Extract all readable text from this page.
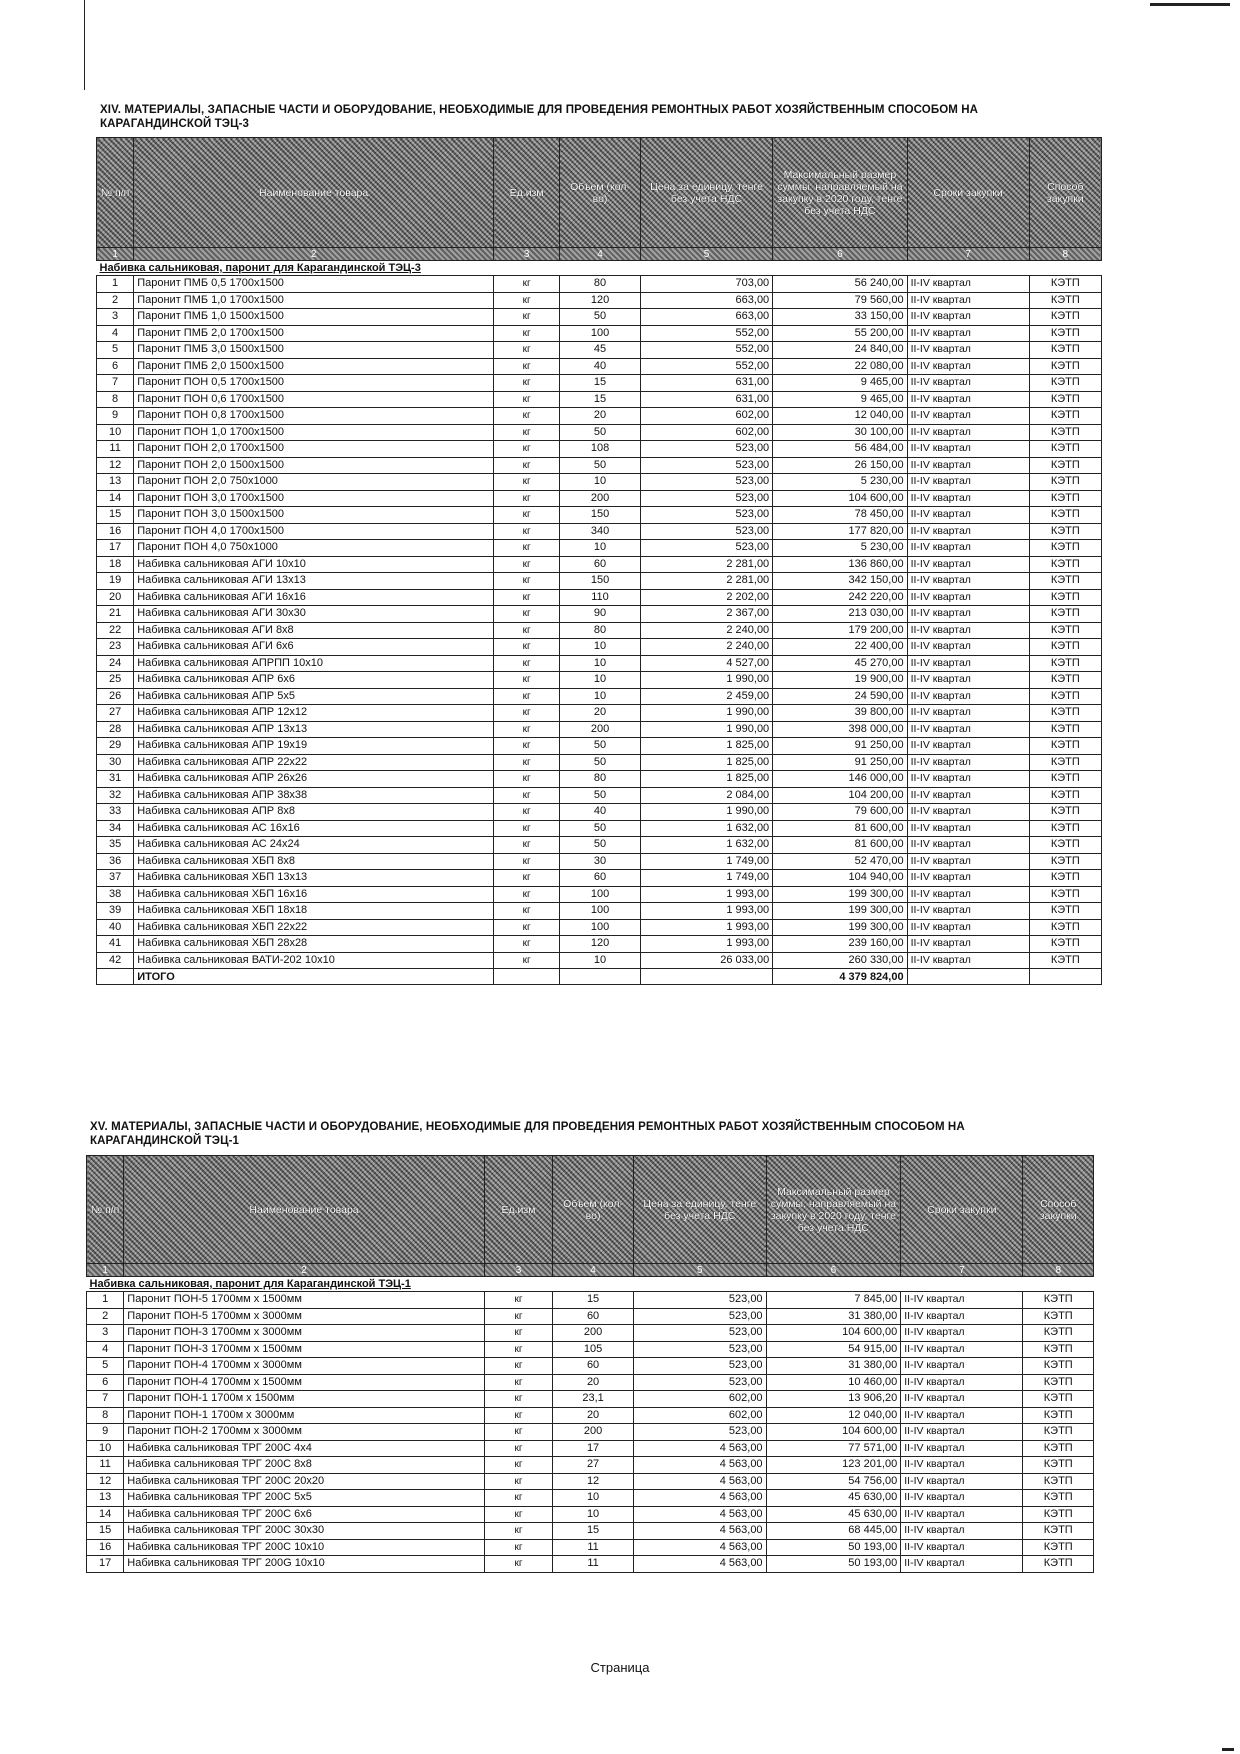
XIV. МАТЕРИАЛЫ, ЗАПАСНЫЕ ЧАСТИ И ОБОРУДОВАНИЕ, НЕОБХОДИМЫЕ ДЛЯ ПРОВЕДЕНИЯ РЕМОНТНЫХ РАБОТ ХОЗЯЙСТВЕННЫМ СПОСОБОМ НА КАРАГАНДИНСКОЙ ТЭЦ-3
№ п/п	Наименование товара	Ед.изм	Объем (кол-во)	Цена за единицу, тенге без учета НДС	Максимальный размер суммы, направляемый на закупку в 2020 году, тенге без учета НДС	Сроки закупки	Способ закупки
1	2	3	4	5	6	7	8
Набивка сальниковая, паронит для Карагандинской ТЭЦ-3							
1	Паронит ПМБ 0,5 1700х1500	кг	80	703,00	56 240,00	II-IV квартал	КЭТП
2	Паронит ПМБ 1,0 1700х1500	кг	120	663,00	79 560,00	II-IV квартал	КЭТП
3	Паронит ПМБ 1,0 1500х1500	кг	50	663,00	33 150,00	II-IV квартал	КЭТП
4	Паронит ПМБ 2,0 1700х1500	кг	100	552,00	55 200,00	II-IV квартал	КЭТП
5	Паронит ПМБ 3,0 1500х1500	кг	45	552,00	24 840,00	II-IV квартал	КЭТП
6	Паронит ПМБ 2,0 1500х1500	кг	40	552,00	22 080,00	II-IV квартал	КЭТП
7	Паронит ПОН 0,5 1700х1500	кг	15	631,00	9 465,00	II-IV квартал	КЭТП
8	Паронит ПОН 0,6 1700х1500	кг	15	631,00	9 465,00	II-IV квартал	КЭТП
9	Паронит ПОН 0,8 1700х1500	кг	20	602,00	12 040,00	II-IV квартал	КЭТП
10	Паронит ПОН 1,0 1700х1500	кг	50	602,00	30 100,00	II-IV квартал	КЭТП
11	Паронит ПОН 2,0 1700х1500	кг	108	523,00	56 484,00	II-IV квартал	КЭТП
12	Паронит ПОН 2,0 1500х1500	кг	50	523,00	26 150,00	II-IV квартал	КЭТП
13	Паронит ПОН 2,0 750х1000	кг	10	523,00	5 230,00	II-IV квартал	КЭТП
14	Паронит ПОН 3,0 1700х1500	кг	200	523,00	104 600,00	II-IV квартал	КЭТП
15	Паронит ПОН 3,0 1500х1500	кг	150	523,00	78 450,00	II-IV квартал	КЭТП
16	Паронит ПОН 4,0 1700х1500	кг	340	523,00	177 820,00	II-IV квартал	КЭТП
17	Паронит ПОН 4,0 750х1000	кг	10	523,00	5 230,00	II-IV квартал	КЭТП
18	Набивка сальниковая АГИ 10х10	кг	60	2 281,00	136 860,00	II-IV квартал	КЭТП
19	Набивка сальниковая АГИ 13х13	кг	150	2 281,00	342 150,00	II-IV квартал	КЭТП
20	Набивка сальниковая АГИ 16х16	кг	110	2 202,00	242 220,00	II-IV квартал	КЭТП
21	Набивка сальниковая АГИ 30х30	кг	90	2 367,00	213 030,00	II-IV квартал	КЭТП
22	Набивка сальниковая АГИ 8х8	кг	80	2 240,00	179 200,00	II-IV квартал	КЭТП
23	Набивка сальниковая АГИ 6х6	кг	10	2 240,00	22 400,00	II-IV квартал	КЭТП
24	Набивка сальниковая АПРПП 10х10	кг	10	4 527,00	45 270,00	II-IV квартал	КЭТП
25	Набивка сальниковая АПР 6х6	кг	10	1 990,00	19 900,00	II-IV квартал	КЭТП
26	Набивка сальниковая АПР 5х5	кг	10	2 459,00	24 590,00	II-IV квартал	КЭТП
27	Набивка сальниковая АПР 12х12	кг	20	1 990,00	39 800,00	II-IV квартал	КЭТП
28	Набивка сальниковая АПР 13х13	кг	200	1 990,00	398 000,00	II-IV квартал	КЭТП
29	Набивка сальниковая АПР 19х19	кг	50	1 825,00	91 250,00	II-IV квартал	КЭТП
30	Набивка сальниковая АПР 22х22	кг	50	1 825,00	91 250,00	II-IV квартал	КЭТП
31	Набивка сальниковая АПР 26х26	кг	80	1 825,00	146 000,00	II-IV квартал	КЭТП
32	Набивка сальниковая АПР 38х38	кг	50	2 084,00	104 200,00	II-IV квартал	КЭТП
33	Набивка сальниковая АПР 8х8	кг	40	1 990,00	79 600,00	II-IV квартал	КЭТП
34	Набивка сальниковая АС 16х16	кг	50	1 632,00	81 600,00	II-IV квартал	КЭТП
35	Набивка сальниковая АС 24х24	кг	50	1 632,00	81 600,00	II-IV квартал	КЭТП
36	Набивка сальниковая ХБП 8х8	кг	30	1 749,00	52 470,00	II-IV квартал	КЭТП
37	Набивка сальниковая ХБП 13х13	кг	60	1 749,00	104 940,00	II-IV квартал	КЭТП
38	Набивка сальниковая ХБП 16х16	кг	100	1 993,00	199 300,00	II-IV квартал	КЭТП
39	Набивка сальниковая ХБП 18х18	кг	100	1 993,00	199 300,00	II-IV квартал	КЭТП
40	Набивка сальниковая ХБП 22х22	кг	100	1 993,00	199 300,00	II-IV квартал	КЭТП
41	Набивка сальниковая ХБП 28х28	кг	120	1 993,00	239 160,00	II-IV квартал	КЭТП
42	Набивка сальниковая ВАТИ-202 10х10	кг	10	26 033,00	260 330,00	II-IV квартал	КЭТП
	ИТОГО				4 379 824,00		
XV. МАТЕРИАЛЫ, ЗАПАСНЫЕ ЧАСТИ И ОБОРУДОВАНИЕ, НЕОБХОДИМЫЕ ДЛЯ ПРОВЕДЕНИЯ РЕМОНТНЫХ РАБОТ ХОЗЯЙСТВЕННЫМ СПОСОБОМ НА КАРАГАНДИНСКОЙ ТЭЦ-1
№ п/п	Наименование товара	Ед.изм	Объем (кол-во)	Цена за единицу, тенге без учета НДС	Максимальный размер суммы, направляемый на закупку в 2020 году, тенге без учета НДС	Сроки закупки	Способ закупки
1	2	3	4	5	6	7	8
Набивка сальниковая, паронит для Карагандинской ТЭЦ-1							
1	Паронит ПОН-5 1700мм х 1500мм	кг	15	523,00	7 845,00	II-IV квартал	КЭТП
2	Паронит ПОН-5 1700мм х 3000мм	кг	60	523,00	31 380,00	II-IV квартал	КЭТП
3	Паронит ПОН-3 1700мм х 3000мм	кг	200	523,00	104 600,00	II-IV квартал	КЭТП
4	Паронит ПОН-3 1700мм х 1500мм	кг	105	523,00	54 915,00	II-IV квартал	КЭТП
5	Паронит ПОН-4 1700мм х 3000мм	кг	60	523,00	31 380,00	II-IV квартал	КЭТП
6	Паронит ПОН-4 1700мм х 1500мм	кг	20	523,00	10 460,00	II-IV квартал	КЭТП
7	Паронит ПОН-1 1700м х 1500мм	кг	23,1	602,00	13 906,20	II-IV квартал	КЭТП
8	Паронит ПОН-1 1700м х 3000мм	кг	20	602,00	12 040,00	II-IV квартал	КЭТП
9	Паронит ПОН-2 1700мм х 3000мм	кг	200	523,00	104 600,00	II-IV квартал	КЭТП
10	Набивка сальниковая ТРГ 200С 4х4	кг	17	4 563,00	77 571,00	II-IV квартал	КЭТП
11	Набивка сальниковая ТРГ 200С 8х8	кг	27	4 563,00	123 201,00	II-IV квартал	КЭТП
12	Набивка сальниковая ТРГ 200С 20х20	кг	12	4 563,00	54 756,00	II-IV квартал	КЭТП
13	Набивка сальниковая ТРГ 200С 5х5	кг	10	4 563,00	45 630,00	II-IV квартал	КЭТП
14	Набивка сальниковая ТРГ 200С 6х6	кг	10	4 563,00	45 630,00	II-IV квартал	КЭТП
15	Набивка сальниковая ТРГ 200С 30х30	кг	15	4 563,00	68 445,00	II-IV квартал	КЭТП
16	Набивка сальниковая ТРГ 200С 10х10	кг	11	4 563,00	50 193,00	II-IV квартал	КЭТП
17	Набивка сальниковая ТРГ 200G 10х10	кг	11	4 563,00	50 193,00	II-IV квартал	КЭТП
Страница
